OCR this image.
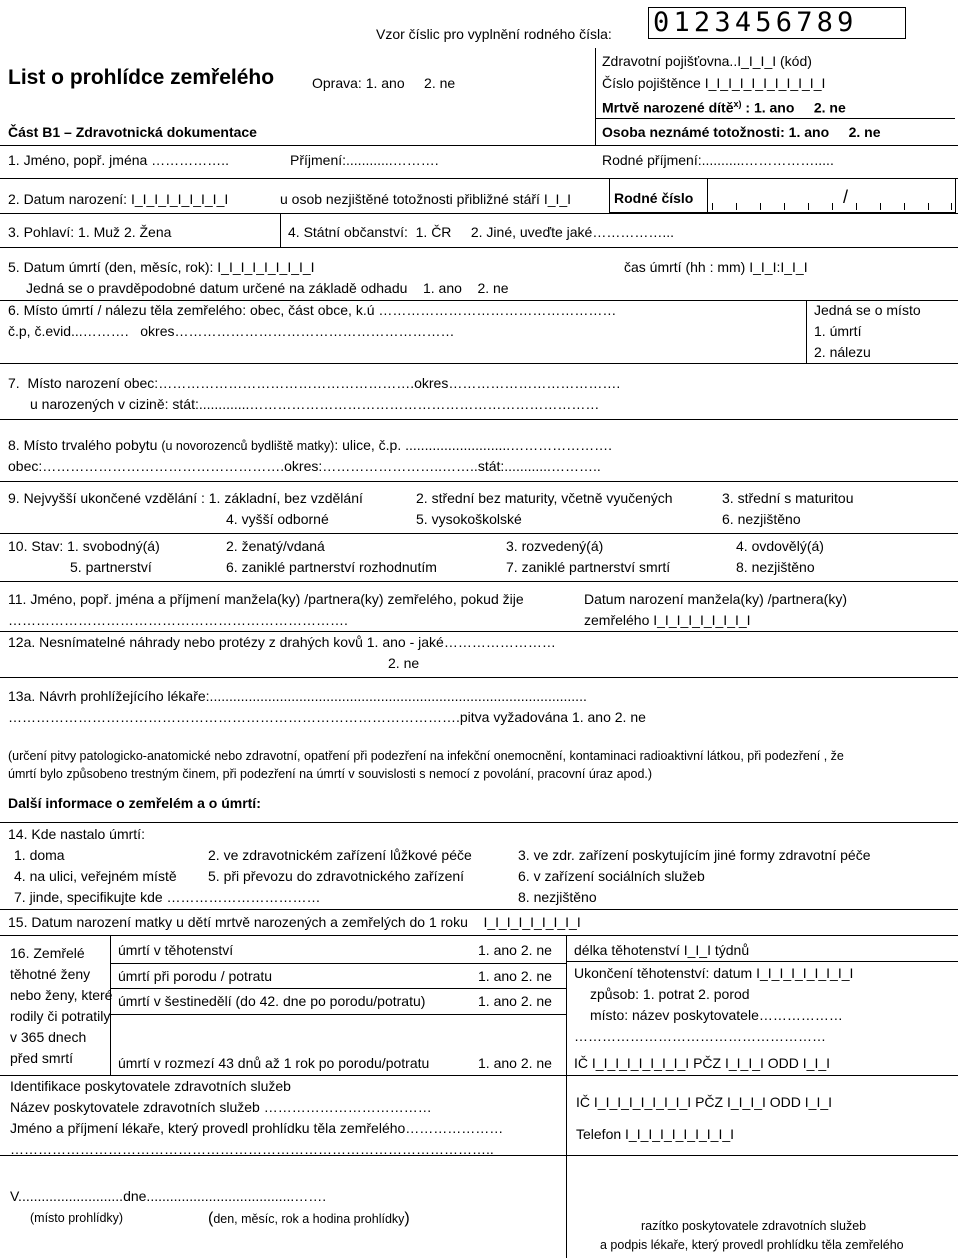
Vzor číslic pro vyplnění rodného čísla: 0123456789
List o prohlídce zemřelého	Oprava: 1. ano     2. ne
Zdravotní pojišťovna..I_I_I_I (kód)
Číslo pojištěnce I_I_I_I_I_I_I_I_I_I_I
Mrtvě narozené dítě$^{x)}$ : 1. ano     2. ne
Osoba neznámé totožnosti: 1. ano     2. ne
Část B1 – Zdravotnická dokumentace
1. Jméno, popř. jména ……………..	Příjmení:............……….	Rodné příjmení:...........…………….....
2. Datum narození: I_I_I_I_I_I_I_I_I	u osob nezjištěné totožnosti přibližné stáří I_I_I	Rodné číslo	/
3. Pohlaví: 1. Muž 2. Žena	4. Státní občanství:  1. ČR     2. Jiné, uveďte jaké……………...
5. Datum úmrtí (den, měsíc, rok): I_I_I_I_I_I_I_I_I	čas úmrtí (hh : mm) I_I_I:I_I_I
Jedná se o pravděpodobné datum určené na základě odhadu    1. ano    2. ne
6. Místo úmrtí / nálezu těla zemřelého: obec, část obce, k.ú ……………………………………………
č.p, č.evid...……….   okres……………………………………………………
Jedná se o místo
1. úmrtí
2. nálezu
7.  Místo narození obec:……………………………………………….okres……………………………….
u narozených v cizině: stát:.............…………………………………………………………………
8. Místo trvalého pobytu (u novorozenců bydliště matky): ulice, č.p. ...........................………………….
obec:…………………………………………….okres:……………………..……..stát:............………..
9. Nejvyšší ukončené vzdělání : 1. základní, bez vzdělání	2. střední bez maturity, včetně vyučených	3. střední s maturitou
4. vyšší odborné	5. vysokoškolské	6. nezjištěno
10. Stav: 1. svobodný(á)	2. ženatý/vdaná	3. rozvedený(á)	4. ovdovělý(á)
5. partnerství	6. zaniklé partnerství rozhodnutím	7. zaniklé partnerství smrtí	8. nezjištěno
11. Jméno, popř. jména a příjmení manžela(ky) /partnera(ky) zemřelého, pokud žije
……………………………………………………………….
Datum narození manžela(ky) /partnera(ky)
zemřelého I_I_I_I_I_I_I_I_I
12a. Nesnímatelné náhrady nebo protézy z drahých kovů 1. ano - jaké……………………
2. ne
13a. Návrh prohlížejícího lékaře:.................................................................................................
…………………………………………………………………………………….pitva vyžadována 1. ano 2. ne
(určení pitvy patologicko-anatomické nebo zdravotní, opatření při podezření na infekční onemocnění, kontaminaci radioaktivní látkou, při podezření , že
úmrtí bylo způsobeno trestným činem, při podezření na úmrtí v souvislosti s nemocí z povolání, pracovní úraz apod.)
Další informace o zemřelém a o úmrtí:
14. Kde nastalo úmrtí:
1. doma	2. ve zdravotnickém zařízení lůžkové péče	3. ve zdr. zařízení poskytujícím jiné formy zdravotní péče
4. na ulici, veřejném místě 5. při převozu do zdravotnického zařízení	6. v zařízení sociálních služeb
7. jinde, specifikujte kde ……………………………	8. nezjištěno
15. Datum narození matky u dětí mrtvě narozených a zemřelých do 1 roku    I_I_I_I_I_I_I_I_I
16. Zemřelé
těhotné ženy
nebo ženy, které
rodily či potratily
v 365 dnech
před smrtí
úmrtí v těhotenství	1. ano 2. ne
úmrtí při porodu / potratu	1. ano 2. ne
úmrtí v šestinedělí (do 42. dne po porodu/potratu)	1. ano 2. ne
úmrtí v rozmezí 43 dnů až 1 rok po porodu/potratu	1. ano 2. ne
délka těhotenství I_I_I týdnů
Ukončení těhotenství: datum I_I_I_I_I_I_I_I_I
způsob: 1. potrat 2. porod
místo: název poskytovatele………………
………………………………………………
IČ I_I_I_I_I_I_I_I_I PČZ I_I_I_I ODD I_I_I
Identifikace poskytovatele zdravotních služeb
Název poskytovatele zdravotních služeb ………………………………
Jméno a příjmení lékaře, který provedl prohlídku těla zemřelého…………………
…………………………………………………………………………………………..
IČ I_I_I_I_I_I_I_I_I PČZ I_I_I_I ODD I_I_I
Telefon I_I_I_I_I_I_I_I_I_I
V...........................dne......................................…….
(místo prohlídky)	(den, měsíc, rok a hodina prohlídky)	razítko poskytovatele zdravotních služeb
a podpis lékaře, který provedl prohlídku těla zemřelého
